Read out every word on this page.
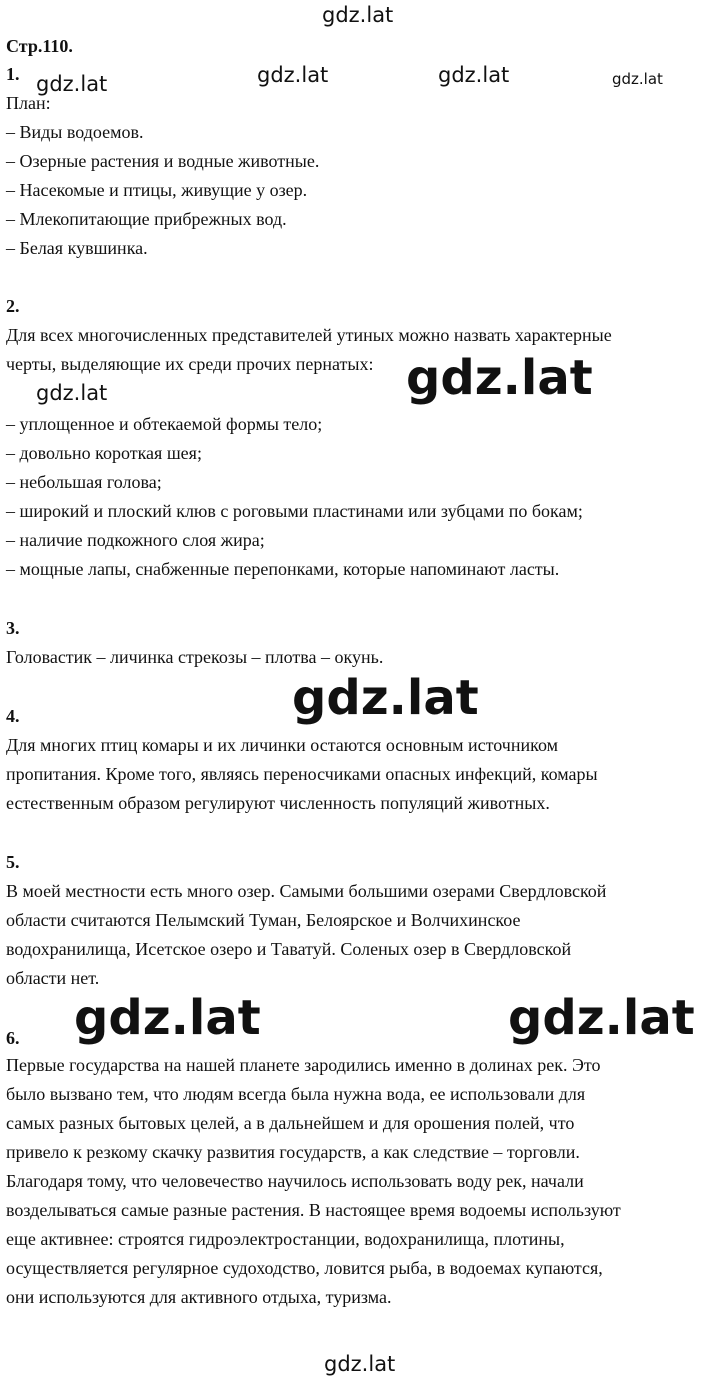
gdz.lat
gdz.lat	gdz.lat	gdz.lat	gdz.lat
gdz.lat
gdz.lat
Стр.110.
1.
План:
– Виды водоемов.
– Озерные растения и водные животные.
– Насекомые и птицы, живущие у озер.
– Млекопитающие прибрежных вод.
– Белая кувшинка.
2.
Для всех многочисленных представителей утиных можно назвать характерные
черты, выделяющие их среди прочих пернатых:
– уплощенное и обтекаемой формы тело;
– довольно короткая шея;
– небольшая голова;
– широкий и плоский клюв с роговыми пластинами или зубцами по бокам;
– наличие подкожного слоя жира;
– мощные лапы, снабженные перепонками, которые напоминают ласты.
gdz.lat
3.
Головастик – личинка стрекозы – плотва – окунь.
gdz.lat
4.
Для многих птиц комары и их личинки остаются основным источником
пропитания. Кроме того, являясь переносчиками опасных инфекций, комары
естественным образом регулируют численность популяций животных.
5.
В моей местности есть много озер. Самыми большими озерами Свердловской
области считаются Пелымский Туман, Белоярское и Волчихинское
водохранилища, Исетское озеро и Таватуй. Соленых озер в Свердловской
области нет.
gdz.lat	gdz.lat
6.
Первые государства на нашей планете зародились именно в долинах рек. Это
было вызвано тем, что людям всегда была нужна вода, ее использовали для
самых разных бытовых целей, а в дальнейшем и для орошения полей, что
привело к резкому скачку развития государств, а как следствие – торговли.
Благодаря тому, что человечество научилось использовать воду рек, начали
возделываться самые разные растения. В настоящее время водоемы используют
еще активнее: строятся гидроэлектростанции, водохранилища, плотины,
осуществляется регулярное судоходство, ловится рыба, в водоемах купаются,
они используются для активного отдыха, туризма.
